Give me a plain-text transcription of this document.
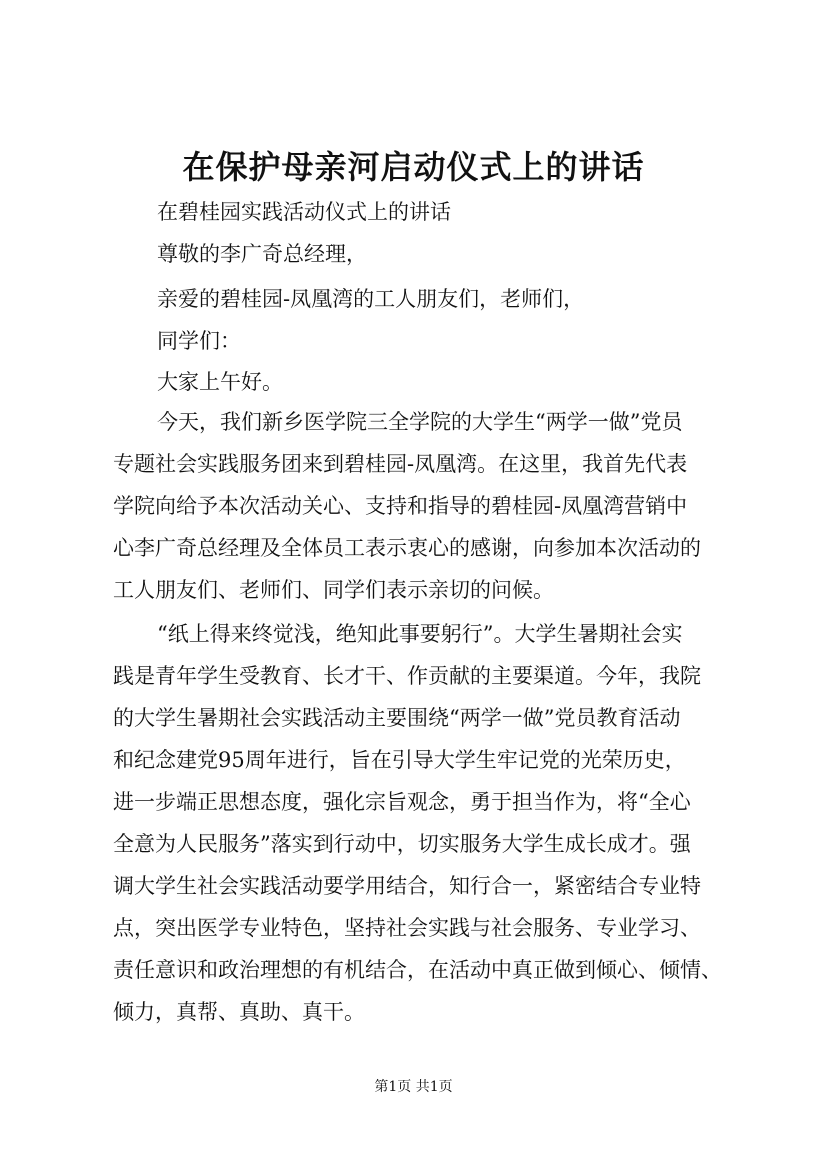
在保护母亲河启动仪式上的讲话
在碧桂园实践活动仪式上的讲话
尊敬的李广奇总经理，
亲爱的碧桂园-凤凰湾的工人朋友们，老师们，
同学们：
大家上午好。
今天，我们新乡医学院三全学院的大学生“两学一做”党员
专题社会实践服务团来到碧桂园-凤凰湾。在这里，我首先代表
学院向给予本次活动关心、支持和指导的碧桂园-凤凰湾营销中
心李广奇总经理及全体员工表示衷心的感谢，向参加本次活动的
工人朋友们、老师们、同学们表示亲切的问候。
“纸上得来终觉浅，绝知此事要躬行”。大学生暑期社会实
践是青年学生受教育、长才干、作贡献的主要渠道。今年，我院
的大学生暑期社会实践活动主要围绕“两学一做”党员教育活动
和纪念建党95周年进行，旨在引导大学生牢记党的光荣历史，
进一步端正思想态度，强化宗旨观念，勇于担当作为，将“全心
全意为人民服务”落实到行动中，切实服务大学生成长成才。强
调大学生社会实践活动要学用结合，知行合一，紧密结合专业特
点，突出医学专业特色，坚持社会实践与社会服务、专业学习、
责任意识和政治理想的有机结合，在活动中真正做到倾心、倾情、
倾力，真帮、真助、真干。
第1页 共1页
